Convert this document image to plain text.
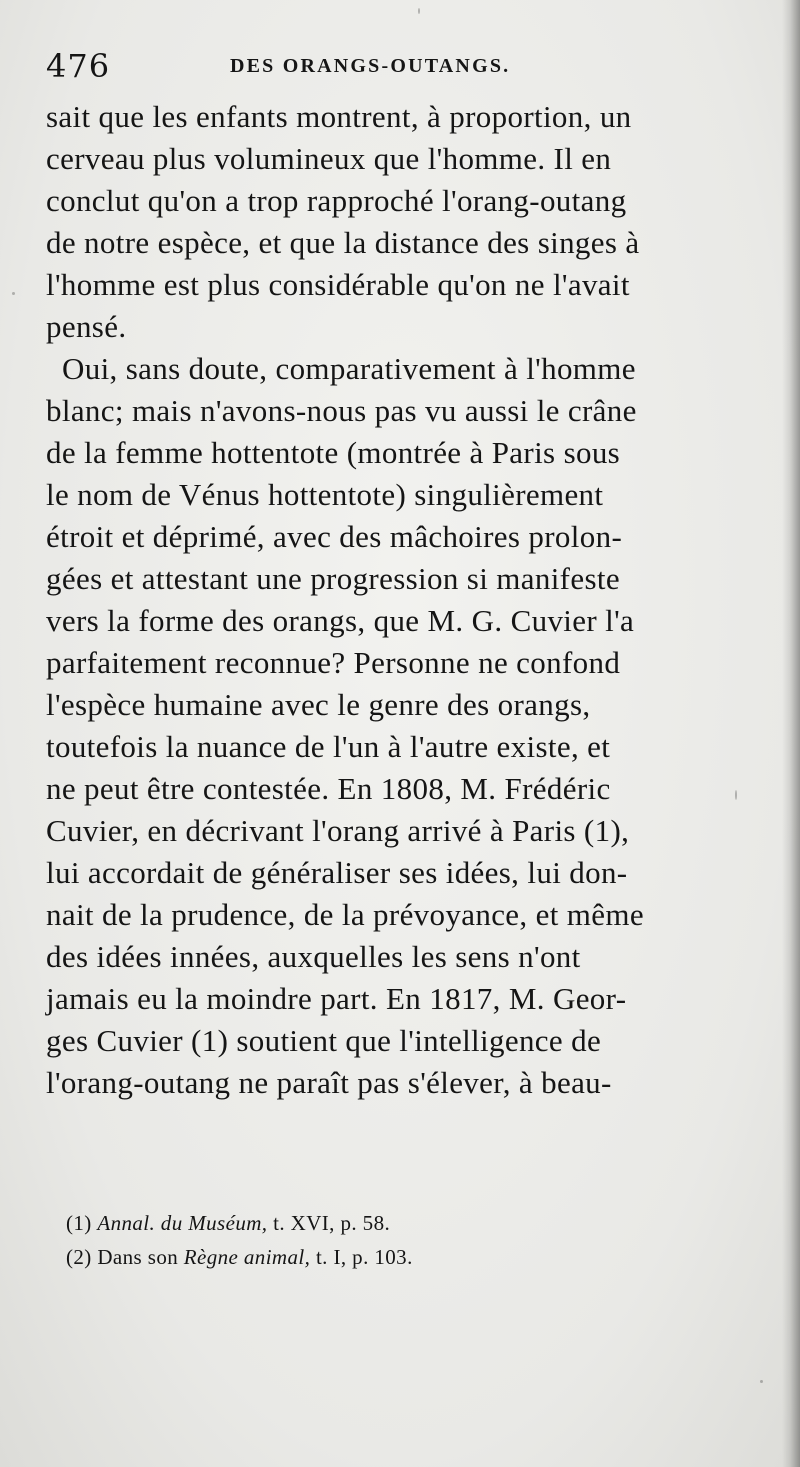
476	DES ORANGS-OUTANGS.
sait que les enfants montrent, à proportion, un
cerveau plus volumineux que l'homme. Il en
conclut qu'on a trop rapproché l'orang-outang
de notre espèce, et que la distance des singes à
l'homme est plus considérable qu'on ne l'avait
pensé.
Oui, sans doute, comparativement à l'homme
blanc; mais n'avons-nous pas vu aussi le crâne
de la femme hottentote (montrée à Paris sous
le nom de Vénus hottentote) singulièrement
étroit et déprimé, avec des mâchoires prolon-
gées et attestant une progression si manifeste
vers la forme des orangs, que M. G. Cuvier l'a
parfaitement reconnue? Personne ne confond
l'espèce humaine avec le genre des orangs,
toutefois la nuance de l'un à l'autre existe, et
ne peut être contestée. En 1808, M. Frédéric
Cuvier, en décrivant l'orang arrivé à Paris (1),
lui accordait de généraliser ses idées, lui don-
nait de la prudence, de la prévoyance, et même
des idées innées, auxquelles les sens n'ont
jamais eu la moindre part. En 1817, M. Geor-
ges Cuvier (1) soutient que l'intelligence de
l'orang-outang ne paraît pas s'élever, à beau-
(1) Annal. du Muséum, t. XVI, p. 58.
(2) Dans son Règne animal, t. I, p. 103.
